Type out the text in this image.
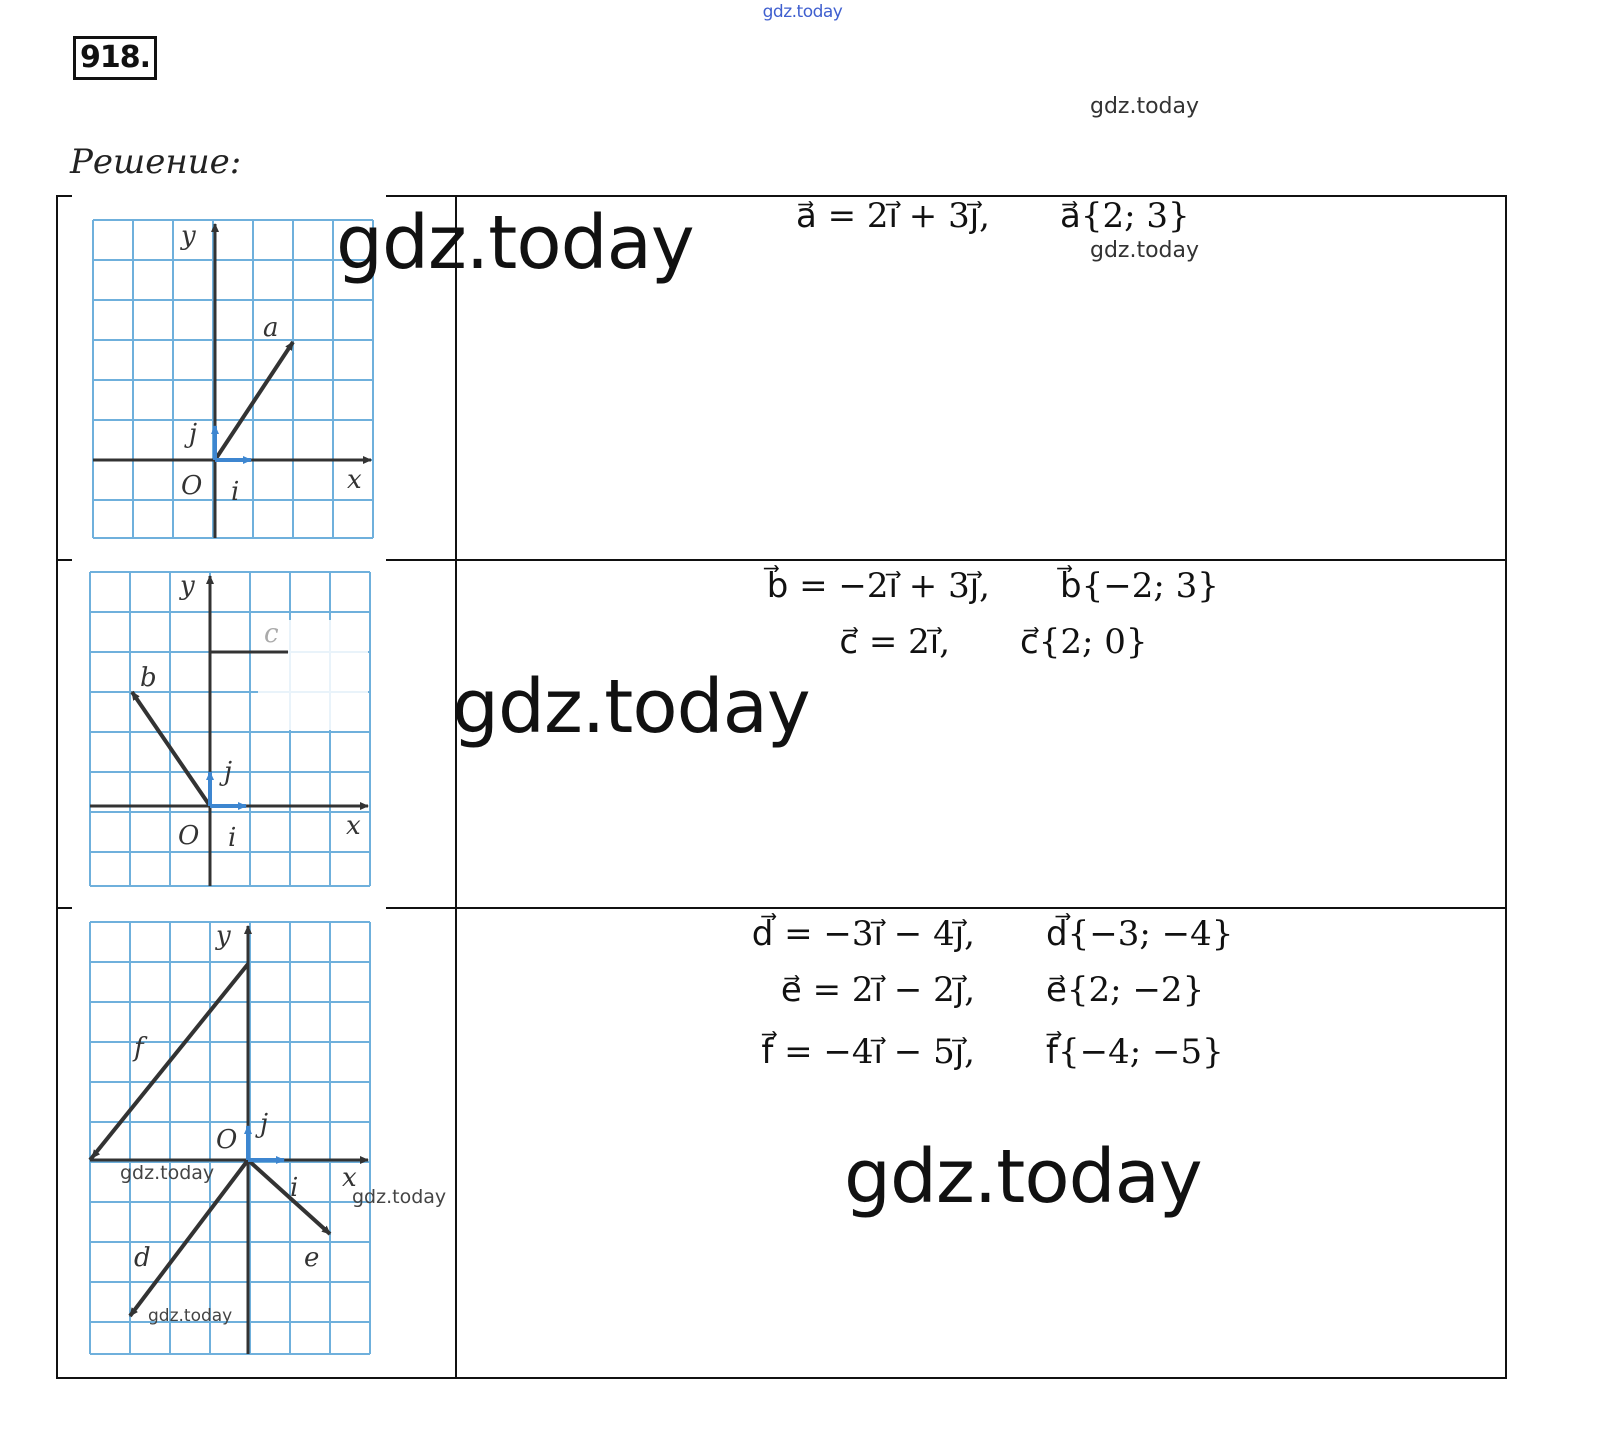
gdz.today
gdz.today
918.
Решение:
y
x
O i
j
a
y
x
O i
j
b
c
y
x
O
i
j
f
d	e
a⃗ = 2i⃗ + 3j⃗, a⃗{2; 3}
b⃗ = −2i⃗ + 3j⃗, b⃗{−2; 3}
c⃗ = 2i⃗, c⃗{2; 0}
d⃗ = −3i⃗ − 4j⃗, d⃗{−3; −4}
e⃗ = 2i⃗ − 2j⃗, e⃗{2; −2}
f⃗ = −4i⃗ − 5j⃗, f⃗{−4; −5}
gdz.today	gdz.today
gdz.today
gdz.today
gdz.today
gdz.today
gdz.today
